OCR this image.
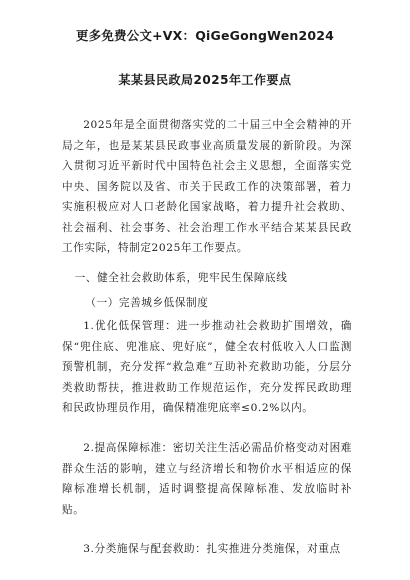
更多免费公文+VX：QiGeGongWen2024
某某县民政局2025年工作要点
2025年是全面贯彻落实党的二十届三中全会精神的开局之年，也是某某县民政事业高质量发展的新阶段。为深入贯彻习近平新时代中国特色社会主义思想，全面落实党中央、国务院以及省、市关于民政工作的决策部署，着力实施积极应对人口老龄化国家战略，着力提升社会救助、社会福利、社会事务、社会治理工作水平结合某某县民政工作实际，特制定2025年工作要点。
一、健全社会救助体系，兜牢民生保障底线
（一）完善城乡低保制度
1.优化低保管理：进一步推动社会救助扩围增效，确保“兜住底、兜准底、兜好底”，健全农村低收入人口监测预警机制，充分发挥“救急难”互助补充救助功能，分层分类救助帮扶，推进救助工作规范运作，充分发挥民政助理和民政协理员作用，确保精准兜底率≤0.2%以内。
2.提高保障标准：密切关注生活必需品价格变动对困难群众生活的影响，建立与经济增长和物价水平相适应的保障标准增长机制，适时调整提高保障标准、发放临时补贴。
3.分类施保与配套救助：扎实推进分类施保，对重点
